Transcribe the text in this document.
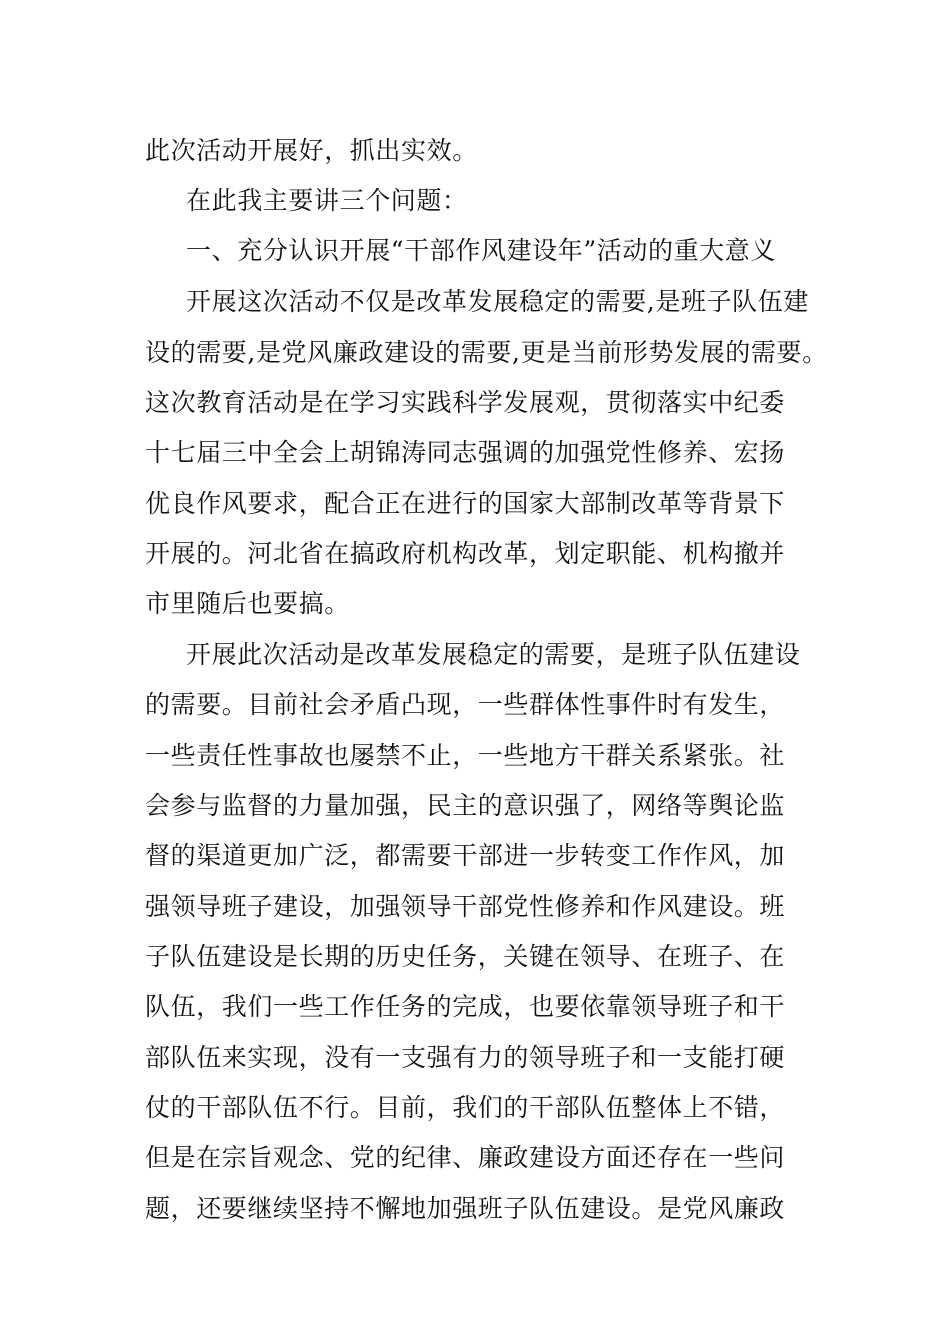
此次活动开展好，抓出实效。
在此我主要讲三个问题：
一、充分认识开展“干部作风建设年”活动的重大意义
开展这次活动不仅是改革发展稳定的需要,是班子队伍建
设的需要,是党风廉政建设的需要,更是当前形势发展的需要。
这次教育活动是在学习实践科学发展观，贯彻落实中纪委
十七届三中全会上胡锦涛同志强调的加强党性修养、宏扬
优良作风要求，配合正在进行的国家大部制改革等背景下
开展的。河北省在搞政府机构改革，划定职能、机构撤并
市里随后也要搞。
开展此次活动是改革发展稳定的需要，是班子队伍建设
的需要。目前社会矛盾凸现，一些群体性事件时有发生，
一些责任性事故也屡禁不止，一些地方干群关系紧张。社
会参与监督的力量加强，民主的意识强了，网络等舆论监
督的渠道更加广泛，都需要干部进一步转变工作作风，加
强领导班子建设，加强领导干部党性修养和作风建设。班
子队伍建设是长期的历史任务，关键在领导、在班子、在
队伍，我们一些工作任务的完成，也要依靠领导班子和干
部队伍来实现，没有一支强有力的领导班子和一支能打硬
仗的干部队伍不行。目前，我们的干部队伍整体上不错，
但是在宗旨观念、党的纪律、廉政建设方面还存在一些问
题，还要继续坚持不懈地加强班子队伍建设。是党风廉政
